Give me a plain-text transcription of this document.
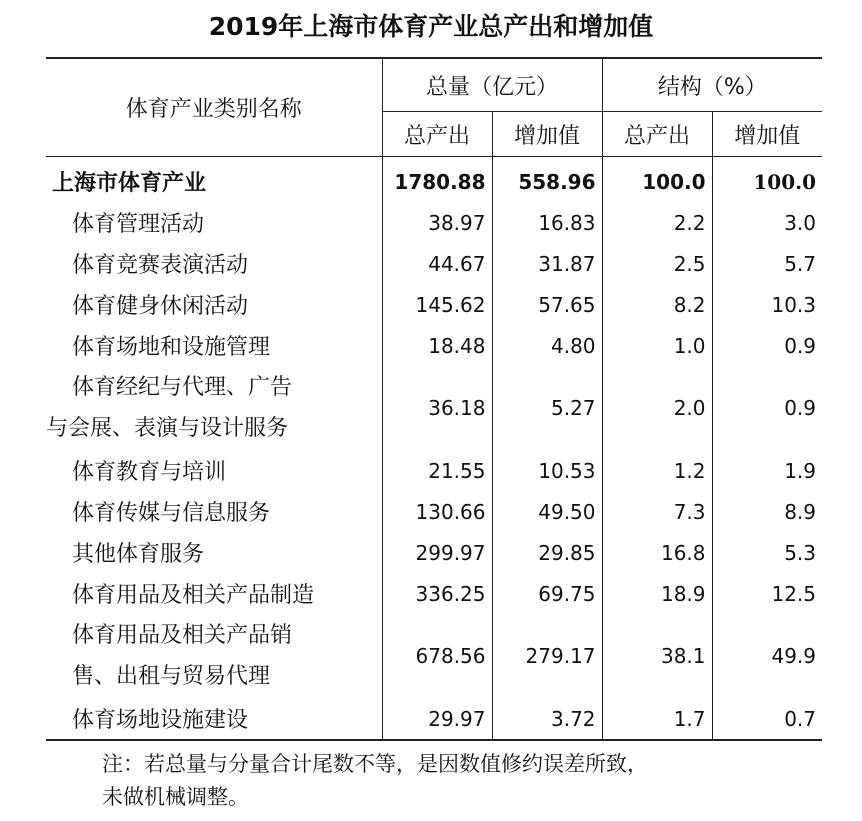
2019年上海市体育产业总产出和增加值
体育产业类别名称	总量（亿元）		结构（%）	
	总产出	增加值	总产出	增加值
上海市体育产业	1780.88	558.96	100.0	100.0
体育管理活动	38.97	16.83	2.2	3.0
体育竞赛表演活动	44.67	31.87	2.5	5.7
体育健身休闲活动	145.62	57.65	8.2	10.3
体育场地和设施管理	18.48	4.80	1.0	0.9

体育经纪与代理、广告
与会展、表演与设计服务	36.18	5.27	2.0	0.9
体育教育与培训	21.55	10.53	1.2	1.9
体育传媒与信息服务	130.66	49.50	7.3	8.9
其他体育服务	299.97	29.85	16.8	5.3
体育用品及相关产品制造	336.25	69.75	18.9	12.5

体育用品及相关产品销
售、出租与贸易代理	678.56	279.17	38.1	49.9
体育场地设施建设	29.97	3.72	1.7	0.7
注：若总量与分量合计尾数不等，是因数值修约误差所致，
未做机械调整。
